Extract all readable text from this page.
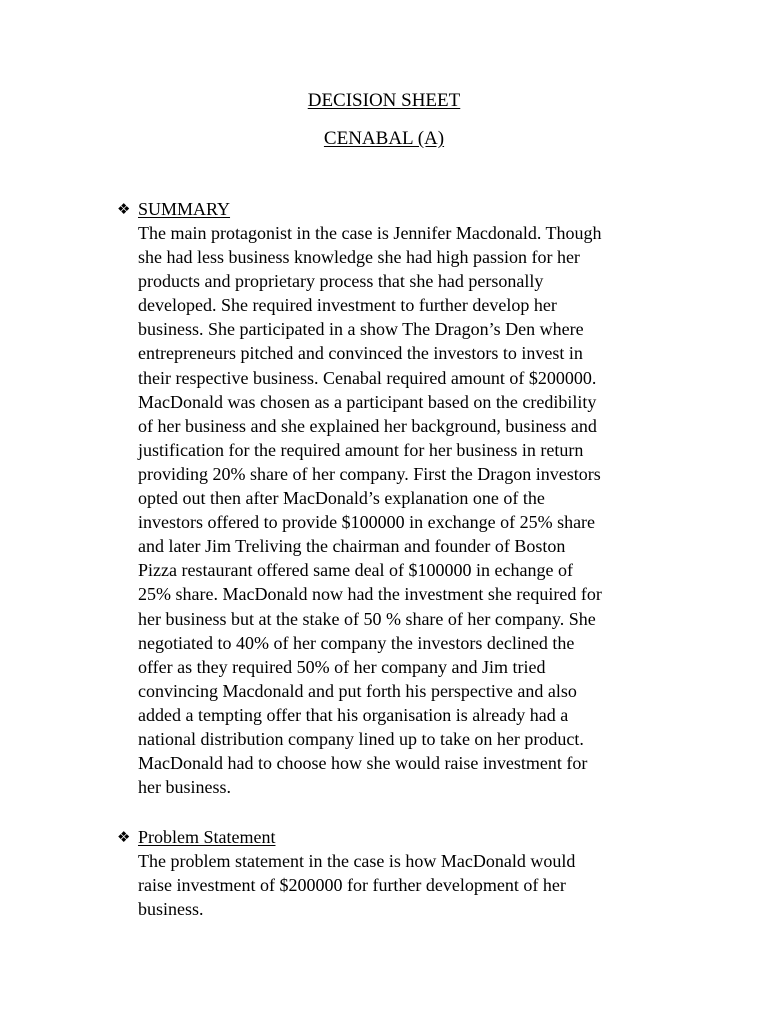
DECISION SHEET
CENABAL (A)
❖ SUMMARY

The main protagonist in the case is Jennifer Macdonald. Though
she had less business knowledge she had high passion for her
products and proprietary process that she had personally
developed. She required investment to further develop her
business. She participated in a show The Dragon’s Den where
entrepreneurs pitched and convinced the investors to invest in
their respective business. Cenabal required amount of $200000.
MacDonald was chosen as a participant based on the credibility
of her business and she explained her background, business and
justification for the required amount for her business in return
providing 20% share of her company. First the Dragon investors
opted out then after MacDonald’s explanation one of the
investors offered to provide $100000 in exchange of 25% share
and later Jim Treliving the chairman and founder of Boston
Pizza restaurant offered same deal of $100000 in echange of
25% share. MacDonald now had the investment she required for
her business but at the stake of 50 % share of her company. She
negotiated to 40% of her company the investors declined the
offer as they required 50% of her company and Jim tried
convincing Macdonald and put forth his perspective and also
added a tempting offer that his organisation is already had a
national distribution company lined up to take on her product.
MacDonald had to choose how she would raise investment for
her business.

❖ Problem Statement

The problem statement in the case is how MacDonald would
raise investment of $200000 for further development of her
business.
